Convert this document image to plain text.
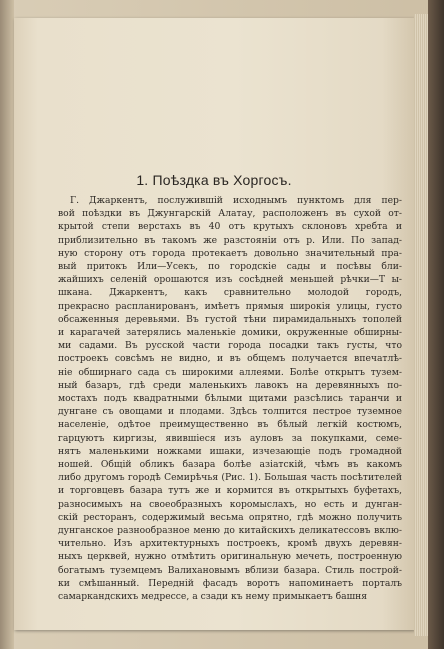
1. Поѣздка въ Хоргосъ.
Г. Джаркентъ, послужившій исходнымъ пунктомъ для пер-
вой поѣздки въ Джунгарскій Алатау, расположенъ въ сухой от-
крытой степи верстахъ въ 40 отъ крутыхъ склоновъ хребта и
приблизительно въ такомъ же разстояніи отъ р. Или. По запад-
ную сторону отъ города протекаетъ довольно значительный пра-
вый притокъ Или—Усекъ, по городскіе сады и посѣвы бли-
жайшихъ селеній орошаются изъ сосѣдней меньшей рѣчки—Т ы-
шкана. Джаркентъ, какъ сравнительно молодой городъ,
прекрасно распланированъ, имѣетъ прямыя широкія улицы, густо
обсаженныя деревьями. Въ густой тѣни пирамидальныхъ тополей
и карагачей затерялись маленькіе домики, окруженные обширны-
ми садами. Въ русской части города посадки такъ густы, что
построекъ совсѣмъ не видно, и въ общемъ получается впечатлѣ-
ніе обширнаго сада съ широкими аллеями. Болѣе открытъ тузем-
ный базаръ, гдѣ среди маленькихъ лавокъ на деревянныхъ по-
мостахъ подъ квадратными бѣлыми щитами разсѣлись таранчи и
дунгане съ овощами и плодами. Здѣсь толпится пестрое туземное
населеніе, одѣтое преимущественно въ бѣлый легкій костюмъ,
гарцуютъ киргизы, явившіеся изъ ауловъ за покупками, семе-
нятъ маленькими ножками ишаки, изчезающіе подъ громадной
ношей. Общій обликъ базара болѣе азіатскій, чѣмъ въ какомъ
либо другомъ городѣ Семирѣчья (Рис. 1). Большая часть посѣтителей
и торговцевъ базара тутъ же и кормится въ открытыхъ буфетахъ,
разносимыхъ на своеобразныхъ коромыслахъ, но есть и дунган-
скій ресторанъ, содержимый весьма опрятно, гдѣ можно получить
дунганское разнообразное меню до китайскихъ деликатессовъ вклю-
чительно. Изъ архитектурныхъ построекъ, кромѣ двухъ деревян-
ныхъ церквей, нужно отмѣтить оригинальную мечеть, построенную
богатымъ туземцемъ Валихановымъ вблизи базара. Стиль построй-
ки смѣшанный. Передній фасадъ воротъ напоминаетъ порталъ
самаркандскихъ медрессе, а сзади къ нему примыкаетъ башня
